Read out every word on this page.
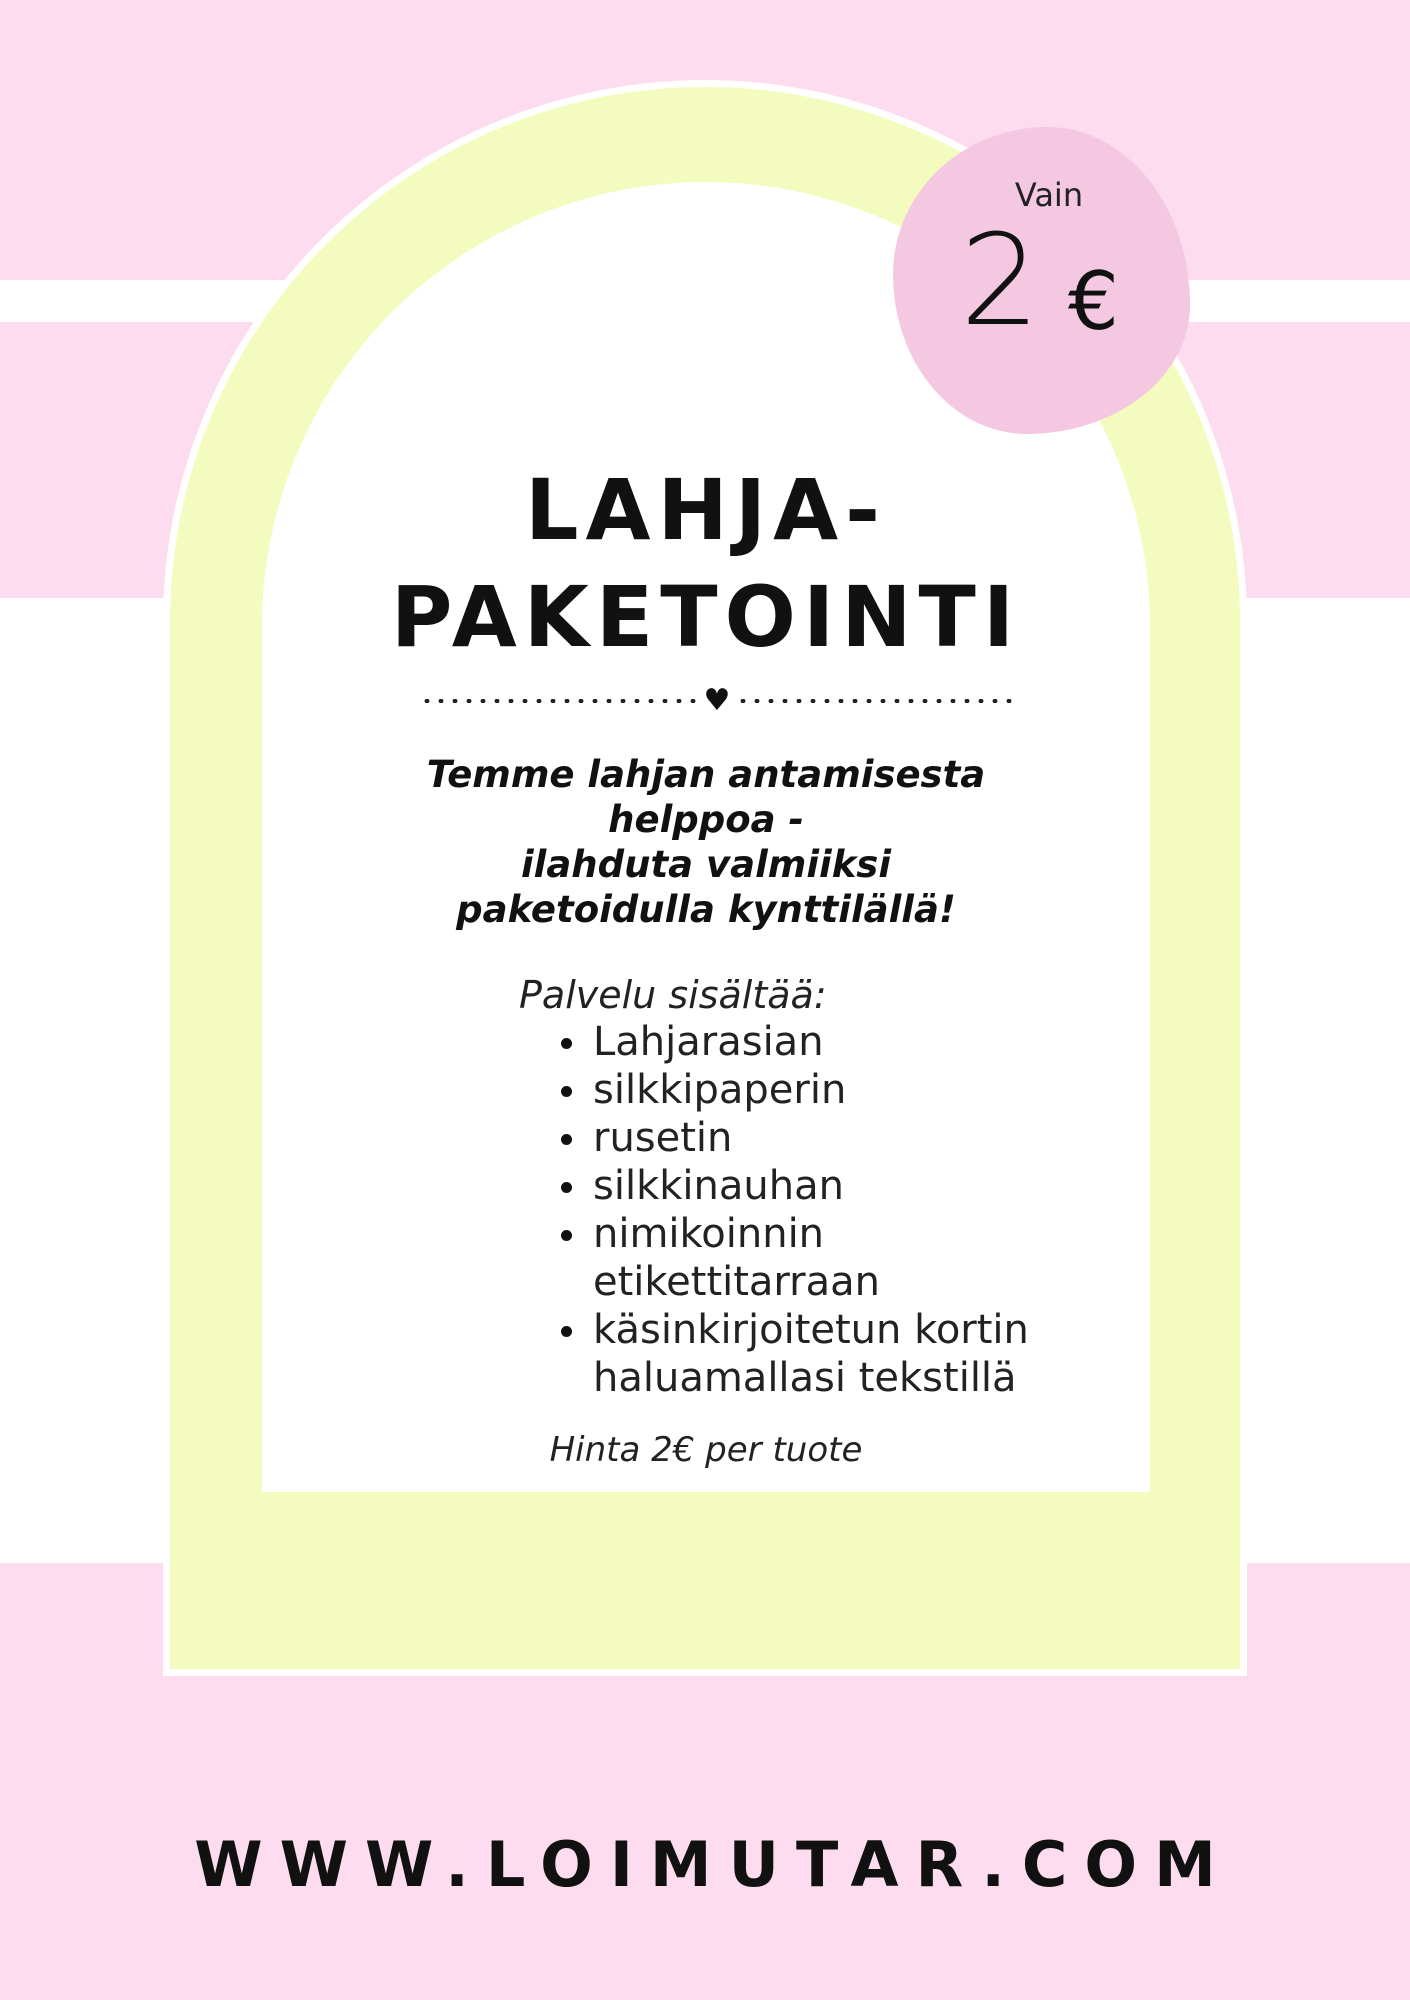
Vain
2 €
LAHJA-
PAKETOINTI
♥
Temme lahjan antamisesta
helppoa -
ilahduta valmiiksi
paketoidulla kynttilällä!
Palvelu sisältää:
Lahjarasian
silkkipaperin
rusetin
silkkinauhan
nimikoinnin
etikettitarraan
käsinkirjoitetun kortin
haluamallasi tekstillä
Hinta 2€ per tuote
WWW.LOIMUTAR.COM
